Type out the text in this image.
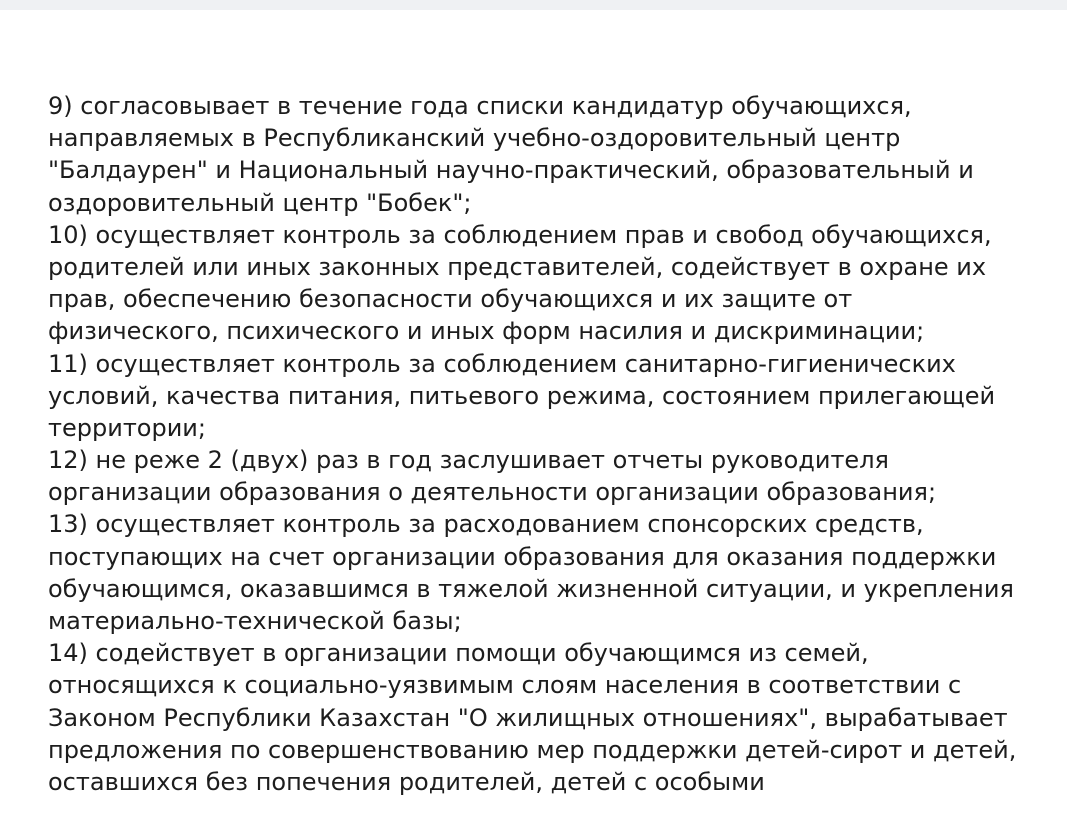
9) согласовывает в течение года списки кандидатур обучающихся,
направляемых в Республиканский учебно-оздоровительный центр
"Балдаурен" и Национальный научно-практический, образовательный и
оздоровительный центр "Бобек";
10) осуществляет контроль за соблюдением прав и свобод обучающихся,
родителей или иных законных представителей, содействует в охране их
прав, обеспечению безопасности обучающихся и их защите от
физического, психического и иных форм насилия и дискриминации;
11) осуществляет контроль за соблюдением санитарно-гигиенических
условий, качества питания, питьевого режима, состоянием прилегающей
территории;
12) не реже 2 (двух) раз в год заслушивает отчеты руководителя
организации образования о деятельности организации образования;
13) осуществляет контроль за расходованием спонсорских средств,
поступающих на счет организации образования для оказания поддержки
обучающимся, оказавшимся в тяжелой жизненной ситуации, и укрепления
материально-технической базы;
14) содействует в организации помощи обучающимся из семей,
относящихся к социально-уязвимым слоям населения в соответствии с
Законом Республики Казахстан "О жилищных отношениях", вырабатывает
предложения по совершенствованию мер поддержки детей-сирот и детей,
оставшихся без попечения родителей, детей с особыми
